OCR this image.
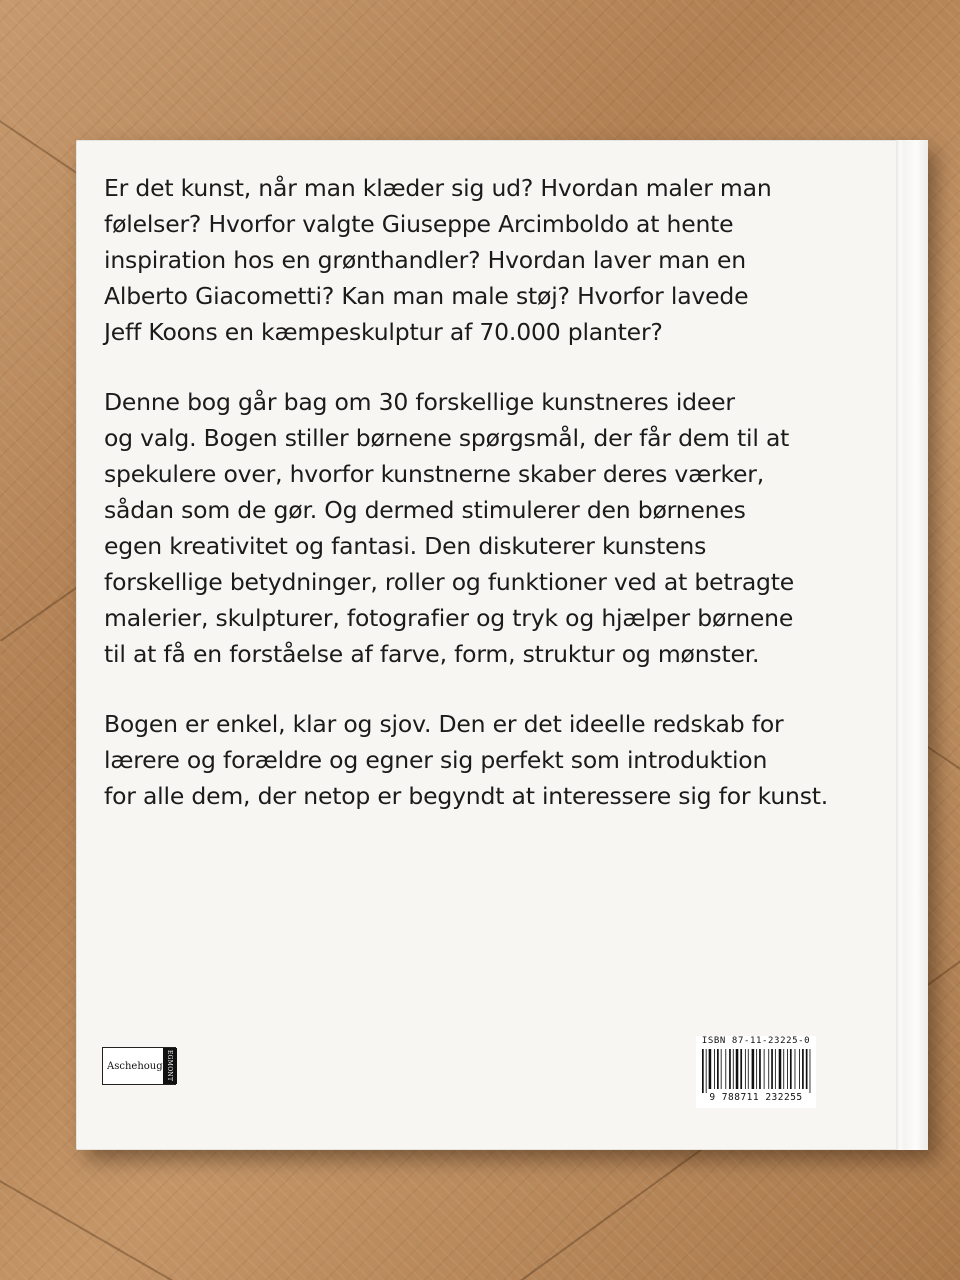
Er det kunst, når man klæder sig ud? Hvordan maler man
følelser? Hvorfor valgte Giuseppe Arcimboldo at hente
inspiration hos en grønthandler? Hvordan laver man en
Alberto Giacometti? Kan man male støj? Hvorfor lavede
Jeff Koons en kæmpeskulptur af 70.000 planter?
Denne bog går bag om 30 forskellige kunstneres ideer
og valg. Bogen stiller børnene spørgsmål, der får dem til at
spekulere over, hvorfor kunstnerne skaber deres værker,
sådan som de gør. Og dermed stimulerer den børnenes
egen kreativitet og fantasi. Den diskuterer kunstens
forskellige betydninger, roller og funktioner ved at betragte
malerier, skulpturer, fotografier og tryk og hjælper børnene
til at få en forståelse af farve, form, struktur og mønster.
Bogen er enkel, klar og sjov. Den er det ideelle redskab for
lærere og forældre og egner sig perfekt som introduktion
for alle dem, der netop er begyndt at interessere sig for kunst.
Aschehoug EGMONT
ISBN 87-11-23225-0
9 788711 232255
